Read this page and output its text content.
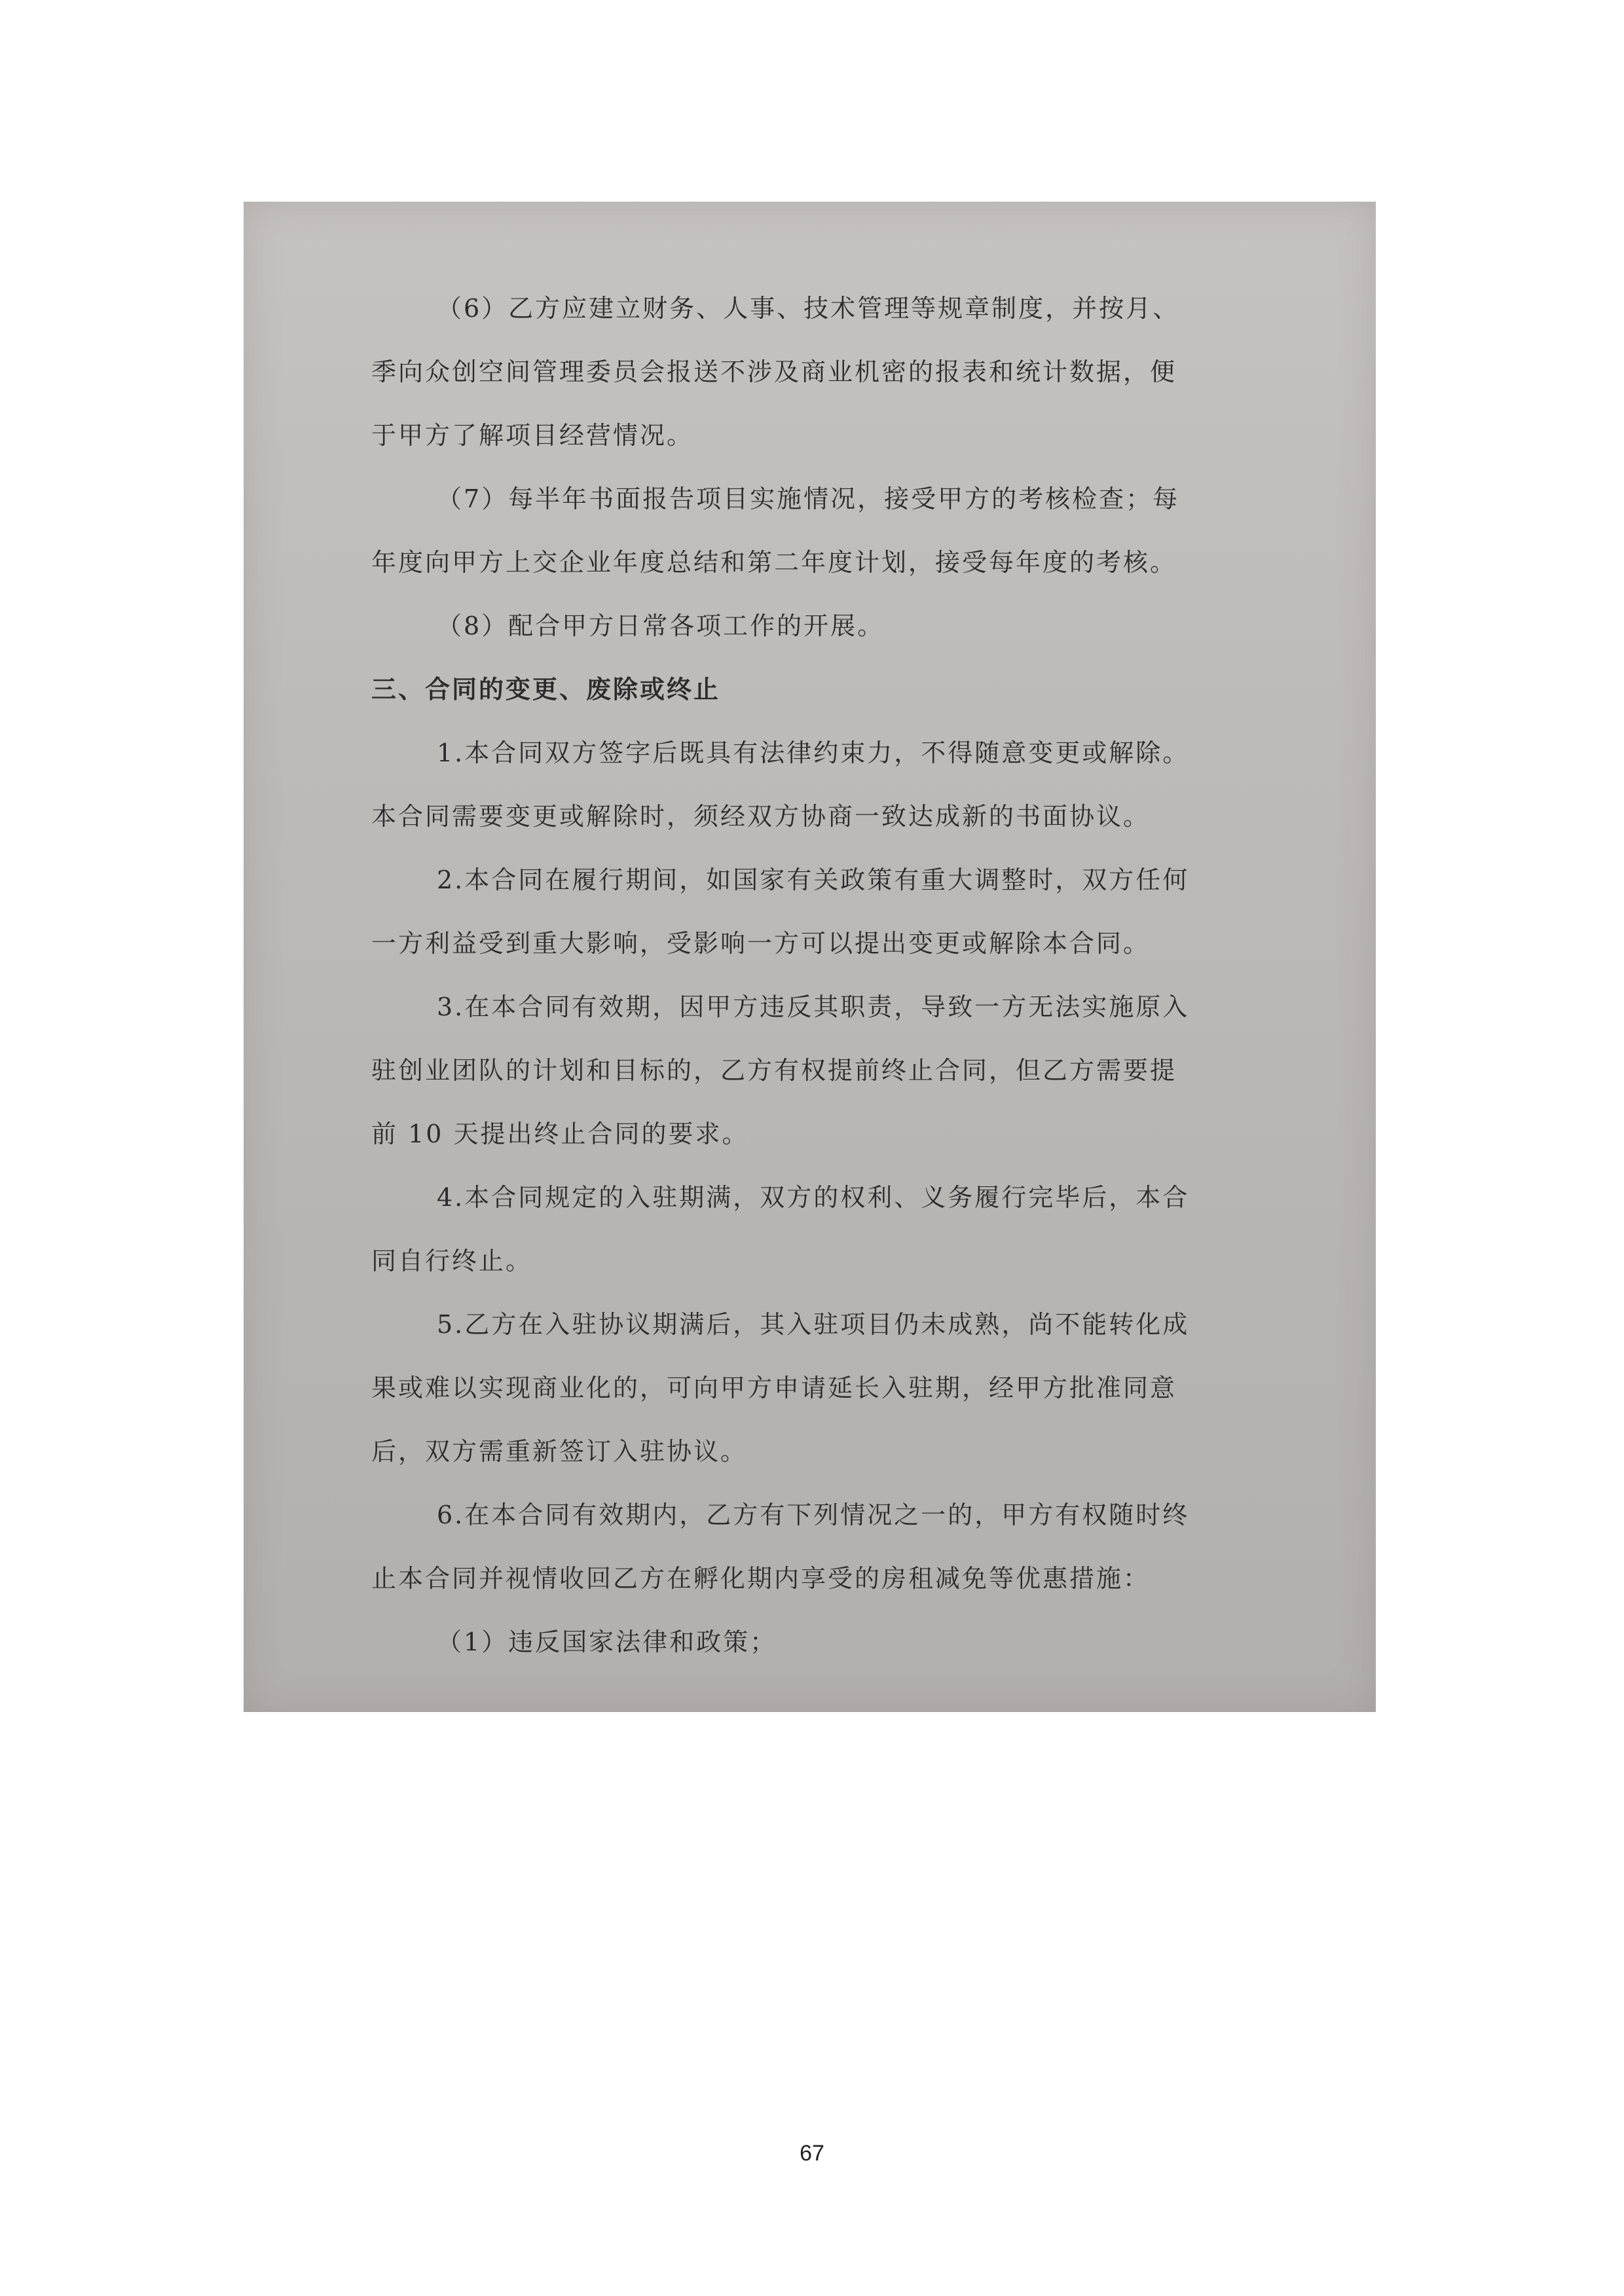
（6）乙方应建立财务、人事、技术管理等规章制度，并按月、
季向众创空间管理委员会报送不涉及商业机密的报表和统计数据，便
于甲方了解项目经营情况。
（7）每半年书面报告项目实施情况，接受甲方的考核检查；每
年度向甲方上交企业年度总结和第二年度计划，接受每年度的考核。
（8）配合甲方日常各项工作的开展。
三、合同的变更、废除或终止
1.本合同双方签字后既具有法律约束力，不得随意变更或解除。
本合同需要变更或解除时，须经双方协商一致达成新的书面协议。
2.本合同在履行期间，如国家有关政策有重大调整时，双方任何
一方利益受到重大影响，受影响一方可以提出变更或解除本合同。
3.在本合同有效期，因甲方违反其职责，导致一方无法实施原入
驻创业团队的计划和目标的，乙方有权提前终止合同，但乙方需要提
前 10 天提出终止合同的要求。
4.本合同规定的入驻期满，双方的权利、义务履行完毕后，本合
同自行终止。
5.乙方在入驻协议期满后，其入驻项目仍未成熟，尚不能转化成
果或难以实现商业化的，可向甲方申请延长入驻期，经甲方批准同意
后，双方需重新签订入驻协议。
6.在本合同有效期内，乙方有下列情况之一的，甲方有权随时终
止本合同并视情收回乙方在孵化期内享受的房租减免等优惠措施：
（1）违反国家法律和政策；
67
